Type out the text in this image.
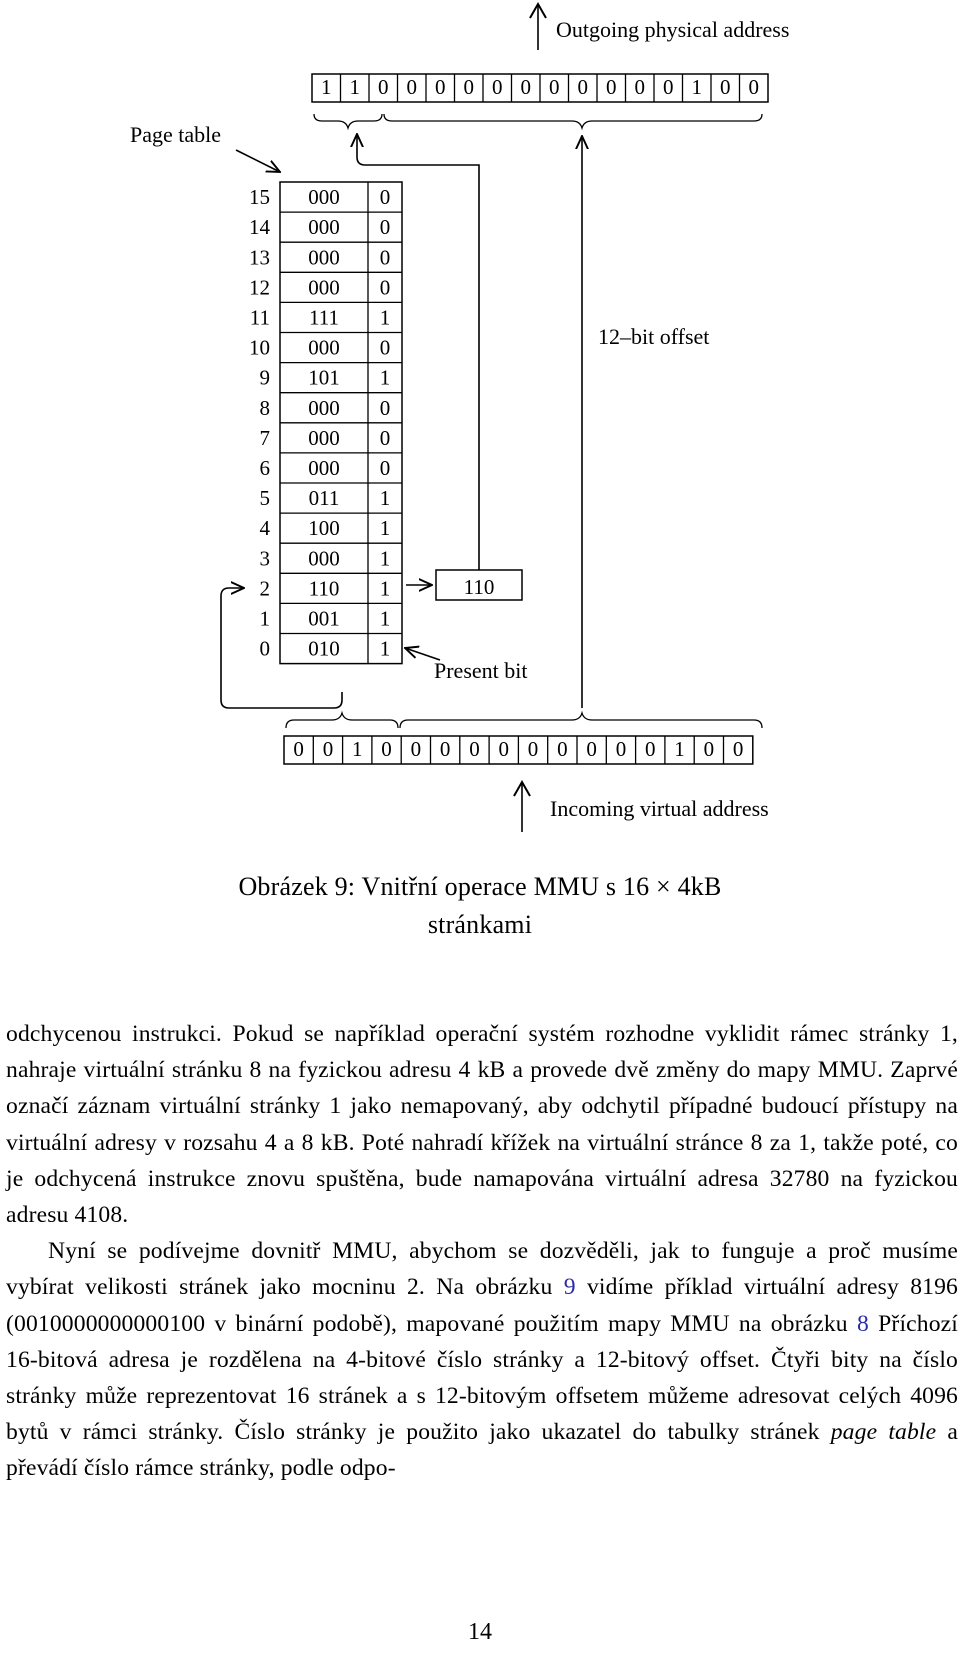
Outgoing physical address
1 1 0 0 0 0 0 0 0 0 0 0 0 1 0 0
Page table
15 000 0
14 000 0
13 000 0
12 000 0
11 111 1
10 000 0
9 101 1
8 000 0
7 000 0
6 000 0
5 011 1
4 100 1
3 000 1
2 110 1
1 001 1
0 010 1
110
12–bit offset
Present bit
0 0 1 0 0 0 0 0 0 0 0 0 0 1 0 0
Incoming virtual address
Obrázek 9: Vnitřní operace MMU s 16 × 4kB
stránkami

odchycenou instrukci. Pokud se například operační systém rozhodne vyklidit rámec stránky 1, nahraje virtuální stránku 8 na fyzickou adresu 4 kB a provede dvě změny do mapy MMU. Zaprvé označí záznam virtuální stránky 1 jako nemapovaný, aby odchytil případné budoucí přístupy na virtuální adresy v rozsahu 4 a 8 kB. Poté nahradí křížek na virtuální stránce 8 za 1, takže poté, co je odchycená instrukce znovu spuštěna, bude namapována virtuální adresa 32780 na fyzickou adresu 4108.

Nyní se podívejme dovnitř MMU, abychom se dozvěděli, jak to funguje a proč musíme vybírat velikosti stránek jako mocninu 2. Na obrázku 9 vidíme příklad virtuální adresy 8196 (0010000000000100 v binární podobě), mapované použitím mapy MMU na obrázku 8 Příchozí 16-bitová adresa je rozdělena na 4-bitové číslo stránky a 12-bitový offset. Čtyři bity na číslo stránky může reprezentovat 16 stránek a s 12-bitovým offsetem můžeme adresovat celých 4096 bytů v rámci stránky. Číslo stránky je použito jako ukazatel do tabulky stránek page table a převádí číslo rámce stránky, podle odpo-

14
